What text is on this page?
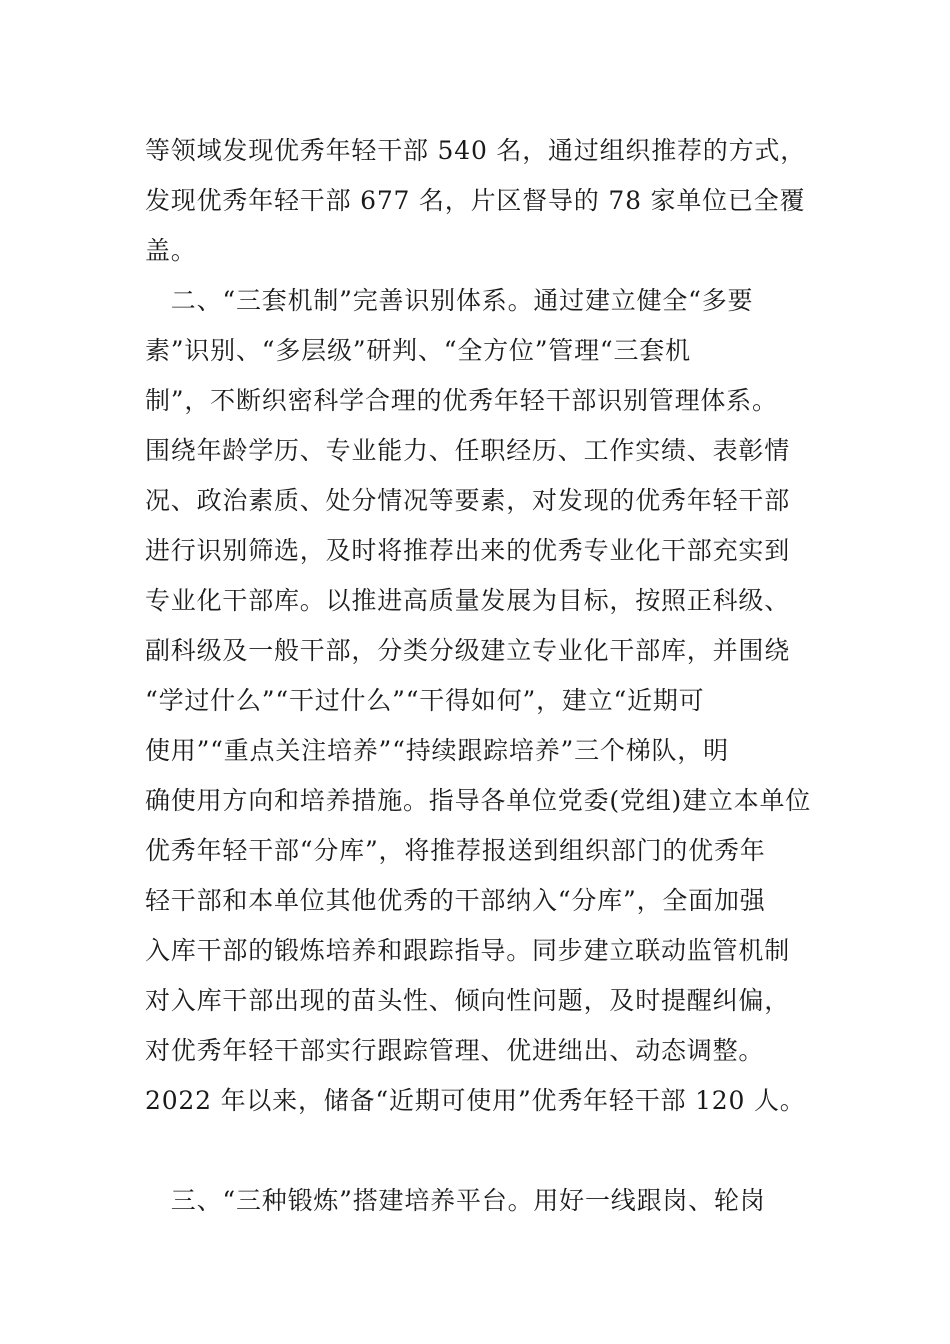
等领域发现优秀年轻干部 540 名，通过组织推荐的方式，
发现优秀年轻干部 677 名，片区督导的 78 家单位已全覆
盖。
　二、“三套机制”完善识别体系。通过建立健全“多要
素”识别、“多层级”研判、“全方位”管理“三套机
制”，不断织密科学合理的优秀年轻干部识别管理体系。
围绕年龄学历、专业能力、任职经历、工作实绩、表彰情
况、政治素质、处分情况等要素，对发现的优秀年轻干部
进行识别筛选，及时将推荐出来的优秀专业化干部充实到
专业化干部库。以推进高质量发展为目标，按照正科级、
副科级及一般干部，分类分级建立专业化干部库，并围绕
“学过什么”“干过什么”“干得如何”，建立“近期可
使用”“重点关注培养”“持续跟踪培养”三个梯队，明
确使用方向和培养措施。指导各单位党委(党组)建立本单位
优秀年轻干部“分库”，将推荐报送到组织部门的优秀年
轻干部和本单位其他优秀的干部纳入“分库”，全面加强
入库干部的锻炼培养和跟踪指导。同步建立联动监管机制
对入库干部出现的苗头性、倾向性问题，及时提醒纠偏，
对优秀年轻干部实行跟踪管理、优进绌出、动态调整。
2022 年以来，储备“近期可使用”优秀年轻干部 120 人。
　三、“三种锻炼”搭建培养平台。用好一线跟岗、轮岗
